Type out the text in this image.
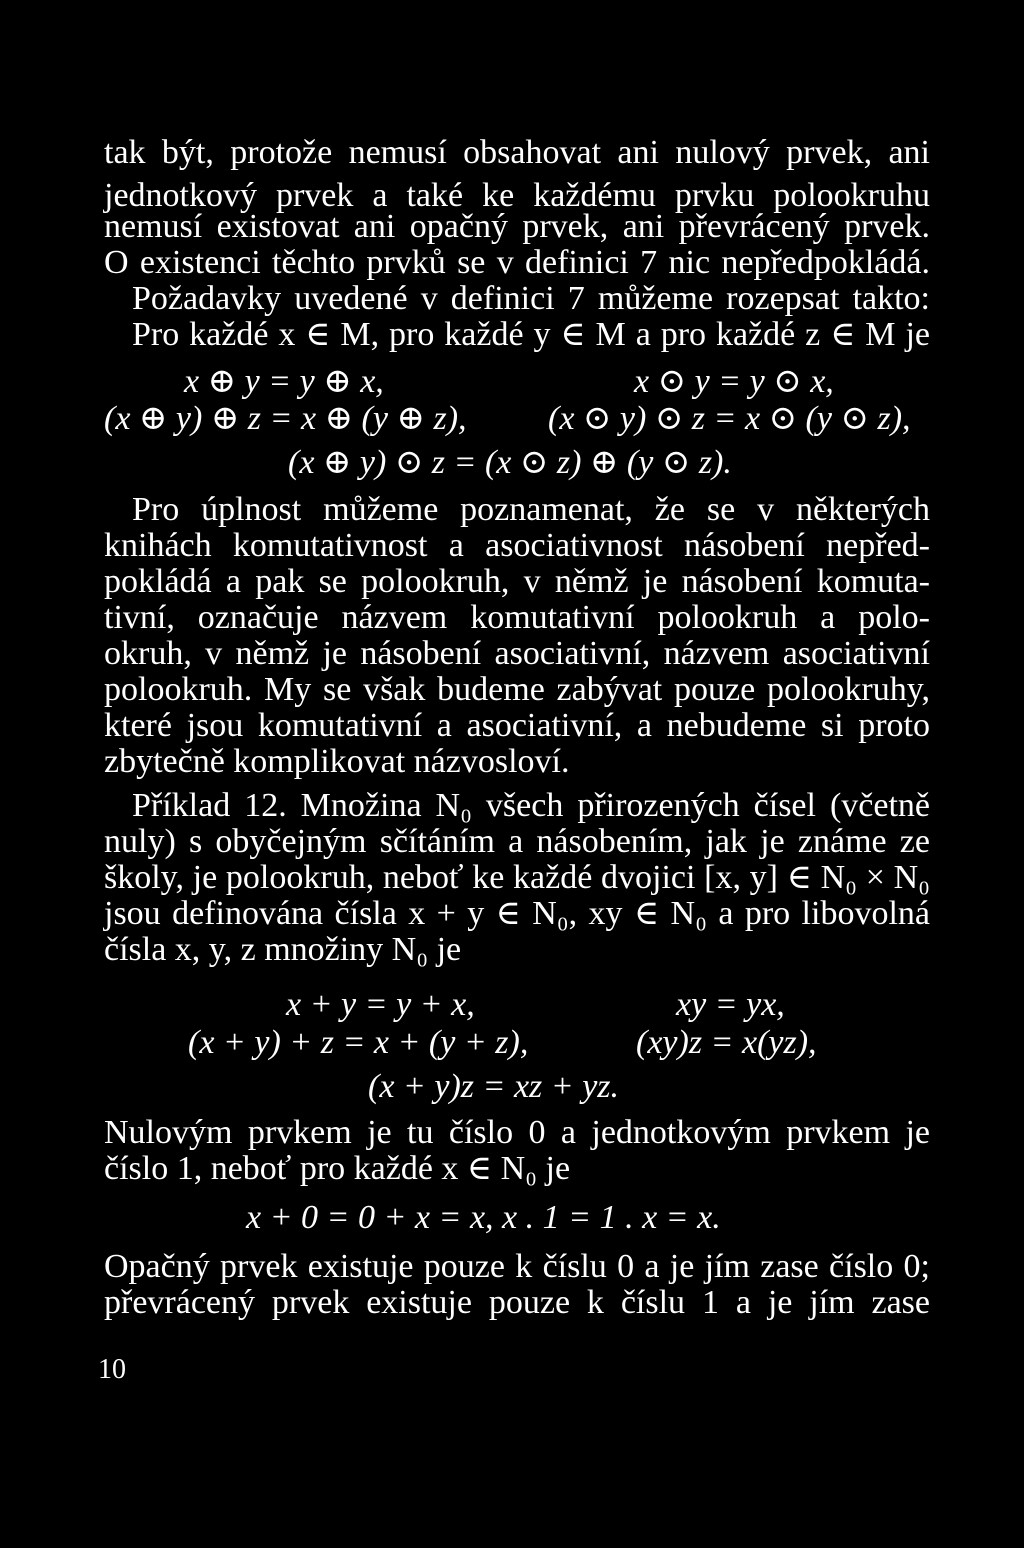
tak být, protože nemusí obsahovat ani nulový prvek, ani
jednotkový prvek a také ke každému prvku polookruhu
nemusí existovat ani opačný prvek, ani převrácený prvek.
O existenci těchto prvků se v definici 7 nic nepředpokládá.
Požadavky uvedené v definici 7 můžeme rozepsat takto:
Pro každé x ∈ M, pro každé y ∈ M a pro každé z ∈ M je
x ⊕ y = y ⊕ x,	x ⊙ y = y ⊙ x,
(x ⊕ y) ⊕ z = x ⊕ (y ⊕ z), (x ⊙ y) ⊙ z = x ⊙ (y ⊙ z),
(x ⊕ y) ⊙ z = (x ⊙ z) ⊕ (y ⊙ z).
Pro úplnost můžeme poznamenat, že se v některých
knihách komutativnost a asociativnost násobení nepřed-
pokládá a pak se polookruh, v němž je násobení komuta-
tivní, označuje názvem komutativní polookruh a polo-
okruh, v němž je násobení asociativní, názvem asociativní
polookruh. My se však budeme zabývat pouze polookruhy,
které jsou komutativní a asociativní, a nebudeme si proto
zbytečně komplikovat názvosloví.
Příklad 12. Množina N₀ všech přirozených čísel (včetně
nuly) s obyčejným sčítáním a násobením, jak je známe ze
školy, je polookruh, neboť ke každé dvojici [x, y] ∈ N₀ × N₀
jsou definována čísla x + y ∈ N₀, xy ∈ N₀ a pro libovolná
čísla x, y, z množiny N₀ je
x + y = y + x,	xy = yx,
(x + y) + z = x + (y + z),	(xy)z = x(yz),
(x + y)z = xz + yz.
Nulovým prvkem je tu číslo 0 a jednotkovým prvkem je
číslo 1, neboť pro každé x ∈ N₀ je
x + 0 = 0 + x = x, x . 1 = 1 . x = x.
Opačný prvek existuje pouze k číslu 0 a je jím zase číslo 0;
převrácený prvek existuje pouze k číslu 1 a je jím zase
10
